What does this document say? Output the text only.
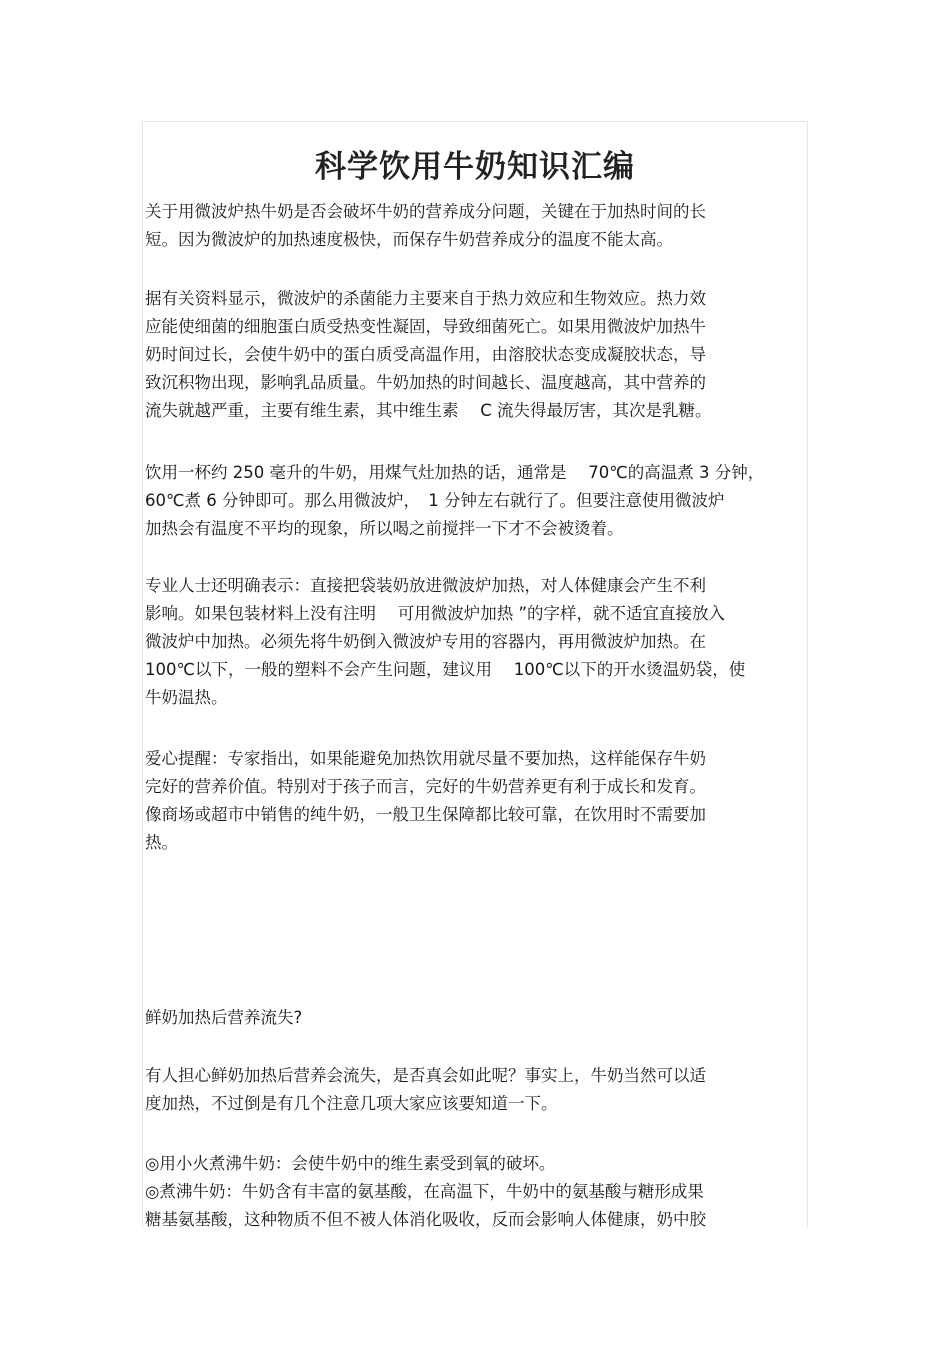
科学饮用牛奶知识汇编
关于用微波炉热牛奶是否会破坏牛奶的营养成分问题，关键在于加热时间的长
短。因为微波炉的加热速度极快，而保存牛奶营养成分的温度不能太高。
据有关资料显示，微波炉的杀菌能力主要来自于热力效应和生物效应。热力效
应能使细菌的细胞蛋白质受热变性凝固，导致细菌死亡。如果用微波炉加热牛
奶时间过长，会使牛奶中的蛋白质受高温作用，由溶胶状态变成凝胶状态，导
致沉积物出现，影响乳品质量。牛奶加热的时间越长、温度越高，其中营养的
流失就越严重，主要有维生素，其中维生素　 C 流失得最厉害，其次是乳糖。
饮用一杯约 250 毫升的牛奶，用煤气灶加热的话，通常是　 70℃的高温煮 3 分钟，
60℃煮 6 分钟即可。那么用微波炉，　1 分钟左右就行了。但要注意使用微波炉
加热会有温度不平均的现象，所以喝之前搅拌一下才不会被烫着。
专业人士还明确表示：直接把袋装奶放进微波炉加热，对人体健康会产生不利
影响。如果包装材料上没有注明　 可用微波炉加热 ”的字样，就不适宜直接放入
微波炉中加热。必须先将牛奶倒入微波炉专用的容器内，再用微波炉加热。在
100℃以下，一般的塑料不会产生问题，建议用　 100℃以下的开水烫温奶袋，使
牛奶温热。
爱心提醒：专家指出，如果能避免加热饮用就尽量不要加热，这样能保存牛奶
完好的营养价值。特别对于孩子而言，完好的牛奶营养更有利于成长和发育。
像商场或超市中销售的纯牛奶，一般卫生保障都比较可靠，在饮用时不需要加
热。
鲜奶加热后营养流失?
有人担心鲜奶加热后营养会流失，是否真会如此呢？事实上，牛奶当然可以适
度加热，不过倒是有几个注意几项大家应该要知道一下。
◎用小火煮沸牛奶：会使牛奶中的维生素受到氧的破坏。
◎煮沸牛奶：牛奶含有丰富的氨基酸，在高温下，牛奶中的氨基酸与糖形成果
糖基氨基酸，这种物质不但不被人体消化吸收，反而会影响人体健康，奶中胶
